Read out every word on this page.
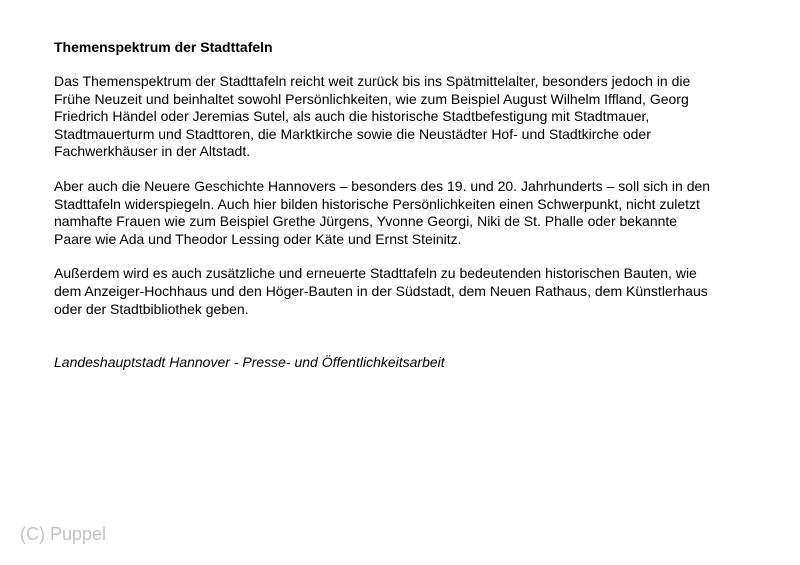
Themenspektrum der Stadttafeln

Das Themenspektrum der Stadttafeln reicht weit zurück bis ins Spätmittelalter, besonders jedoch in die
Frühe Neuzeit und beinhaltet sowohl Persönlichkeiten, wie zum Beispiel August Wilhelm Iffland, Georg
Friedrich Händel oder Jeremias Sutel, als auch die historische Stadtbefestigung mit Stadtmauer,
Stadtmauerturm und Stadttoren, die Marktkirche sowie die Neustädter Hof- und Stadtkirche oder
Fachwerkhäuser in der Altstadt.

Aber auch die Neuere Geschichte Hannovers – besonders des 19. und 20. Jahrhunderts – soll sich in den
Stadttafeln widerspiegeln. Auch hier bilden historische Persönlichkeiten einen Schwerpunkt, nicht zuletzt
namhafte Frauen wie zum Beispiel Grethe Jürgens, Yvonne Georgi, Niki de St. Phalle oder bekannte
Paare wie Ada und Theodor Lessing oder Käte und Ernst Steinitz.

Außerdem wird es auch zusätzliche und erneuerte Stadttafeln zu bedeutenden historischen Bauten, wie
dem Anzeiger-Hochhaus und den Höger-Bauten in der Südstadt, dem Neuen Rathaus, dem Künstlerhaus
oder der Stadtbibliothek geben.

Landeshauptstadt Hannover - Presse- und Öffentlichkeitsarbeit
(C) Puppel
